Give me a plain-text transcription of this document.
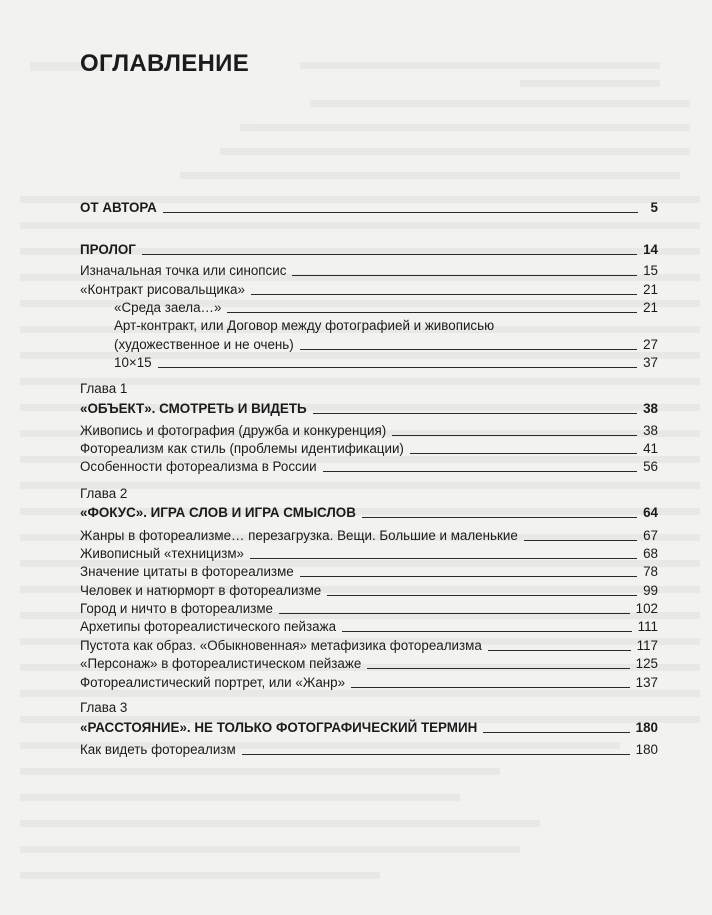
ОГЛАВЛЕНИЕ
ОТ АВТОРА	5
ПРОЛОГ	14
Изначальная точка или синопсис	15
«Контракт рисовальщика»	21
«Среда заела…»	21
Арт-контракт, или Договор между фотографией и живописью
(художественное и не очень)	27
10×15	37
Глава 1
«ОБЪЕКТ». СМОТРЕТЬ И ВИДЕТЬ	38
Живопись и фотография (дружба и конкуренция)	38
Фотореализм как стиль (проблемы идентификации)	41
Особенности фотореализма в России	56
Глава 2
«ФОКУС». ИГРА СЛОВ И ИГРА СМЫСЛОВ	64
Жанры в фотореализме… перезагрузка. Вещи. Большие и маленькие	67
Живописный «техницизм»	68
Значение цитаты в фотореализме	78
Человек и натюрморт в фотореализме	99
Город и ничто в фотореализме	102
Архетипы фотореалистического пейзажа	111
Пустота как образ. «Обыкновенная» метафизика фотореализма	117
«Персонаж» в фотореалистическом пейзаже	125
Фотореалистический портрет, или «Жанр»	137
Глава 3
«РАССТОЯНИЕ». НЕ ТОЛЬКО ФОТОГРАФИЧЕСКИЙ ТЕРМИН	180
Как видеть фотореализм	180
